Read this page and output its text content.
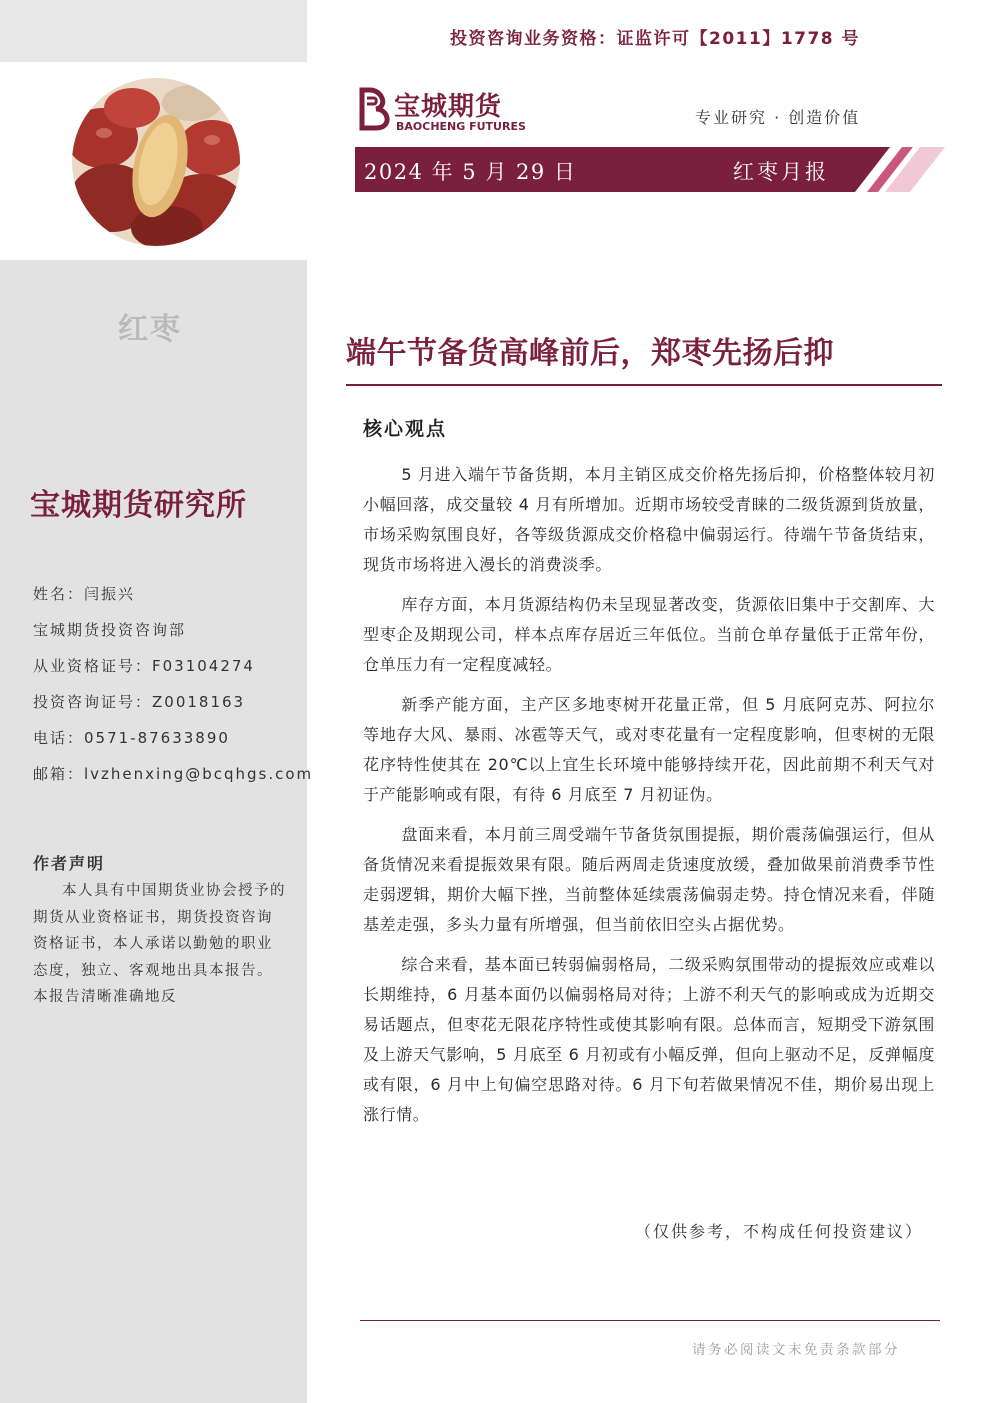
红枣
宝城期货研究所
姓名：闫振兴
宝城期货投资咨询部
从业资格证号：F03104274
投资咨询证号：Z0018163
电话：0571-87633890
邮箱：lvzhenxing@bcqhgs.com
作者声明
本人具有中国期货业协会授予的期货从业资格证书，期货投资咨询资格证书，本人承诺以勤勉的职业态度，独立、客观地出具本报告。本报告清晰准确地反
投资咨询业务资格：证监许可【2011】1778 号
宝城期货
BAOCHENG FUTURES	专业研究 · 创造价值
2024 年 5 月 29 日	红枣月报
端午节备货高峰前后，郑枣先扬后抑
核心观点

5 月进入端午节备货期，本月主销区成交价格先扬后抑，价格整体较月初小幅回落，成交量较 4 月有所增加。近期市场较受青睐的二级货源到货放量，市场采购氛围良好，各等级货源成交价格稳中偏弱运行。待端午节备货结束，现货市场将进入漫长的消费淡季。

库存方面，本月货源结构仍未呈现显著改变，货源依旧集中于交割库、大型枣企及期现公司，样本点库存居近三年低位。当前仓单存量低于正常年份，仓单压力有一定程度减轻。

新季产能方面，主产区多地枣树开花量正常，但 5 月底阿克苏、阿拉尔等地存大风、暴雨、冰雹等天气，或对枣花量有一定程度影响，但枣树的无限花序特性使其在 20℃以上宜生长环境中能够持续开花，因此前期不利天气对于产能影响或有限，有待 6 月底至 7 月初证伪。

盘面来看，本月前三周受端午节备货氛围提振，期价震荡偏强运行，但从备货情况来看提振效果有限。随后两周走货速度放缓，叠加做果前消费季节性走弱逻辑，期价大幅下挫，当前整体延续震荡偏弱走势。持仓情况来看，伴随基差走强，多头力量有所增强，但当前依旧空头占据优势。

综合来看，基本面已转弱偏弱格局，二级采购氛围带动的提振效应或难以长期维持，6 月基本面仍以偏弱格局对待；上游不利天气的影响或成为近期交易话题点，但枣花无限花序特性或使其影响有限。总体而言，短期受下游氛围及上游天气影响，5 月底至 6 月初或有小幅反弹，但向上驱动不足，反弹幅度或有限，6 月中上旬偏空思路对待。6 月下旬若做果情况不佳，期价易出现上涨行情。

（仅供参考，不构成任何投资建议）
请务必阅读文末免责条款部分
